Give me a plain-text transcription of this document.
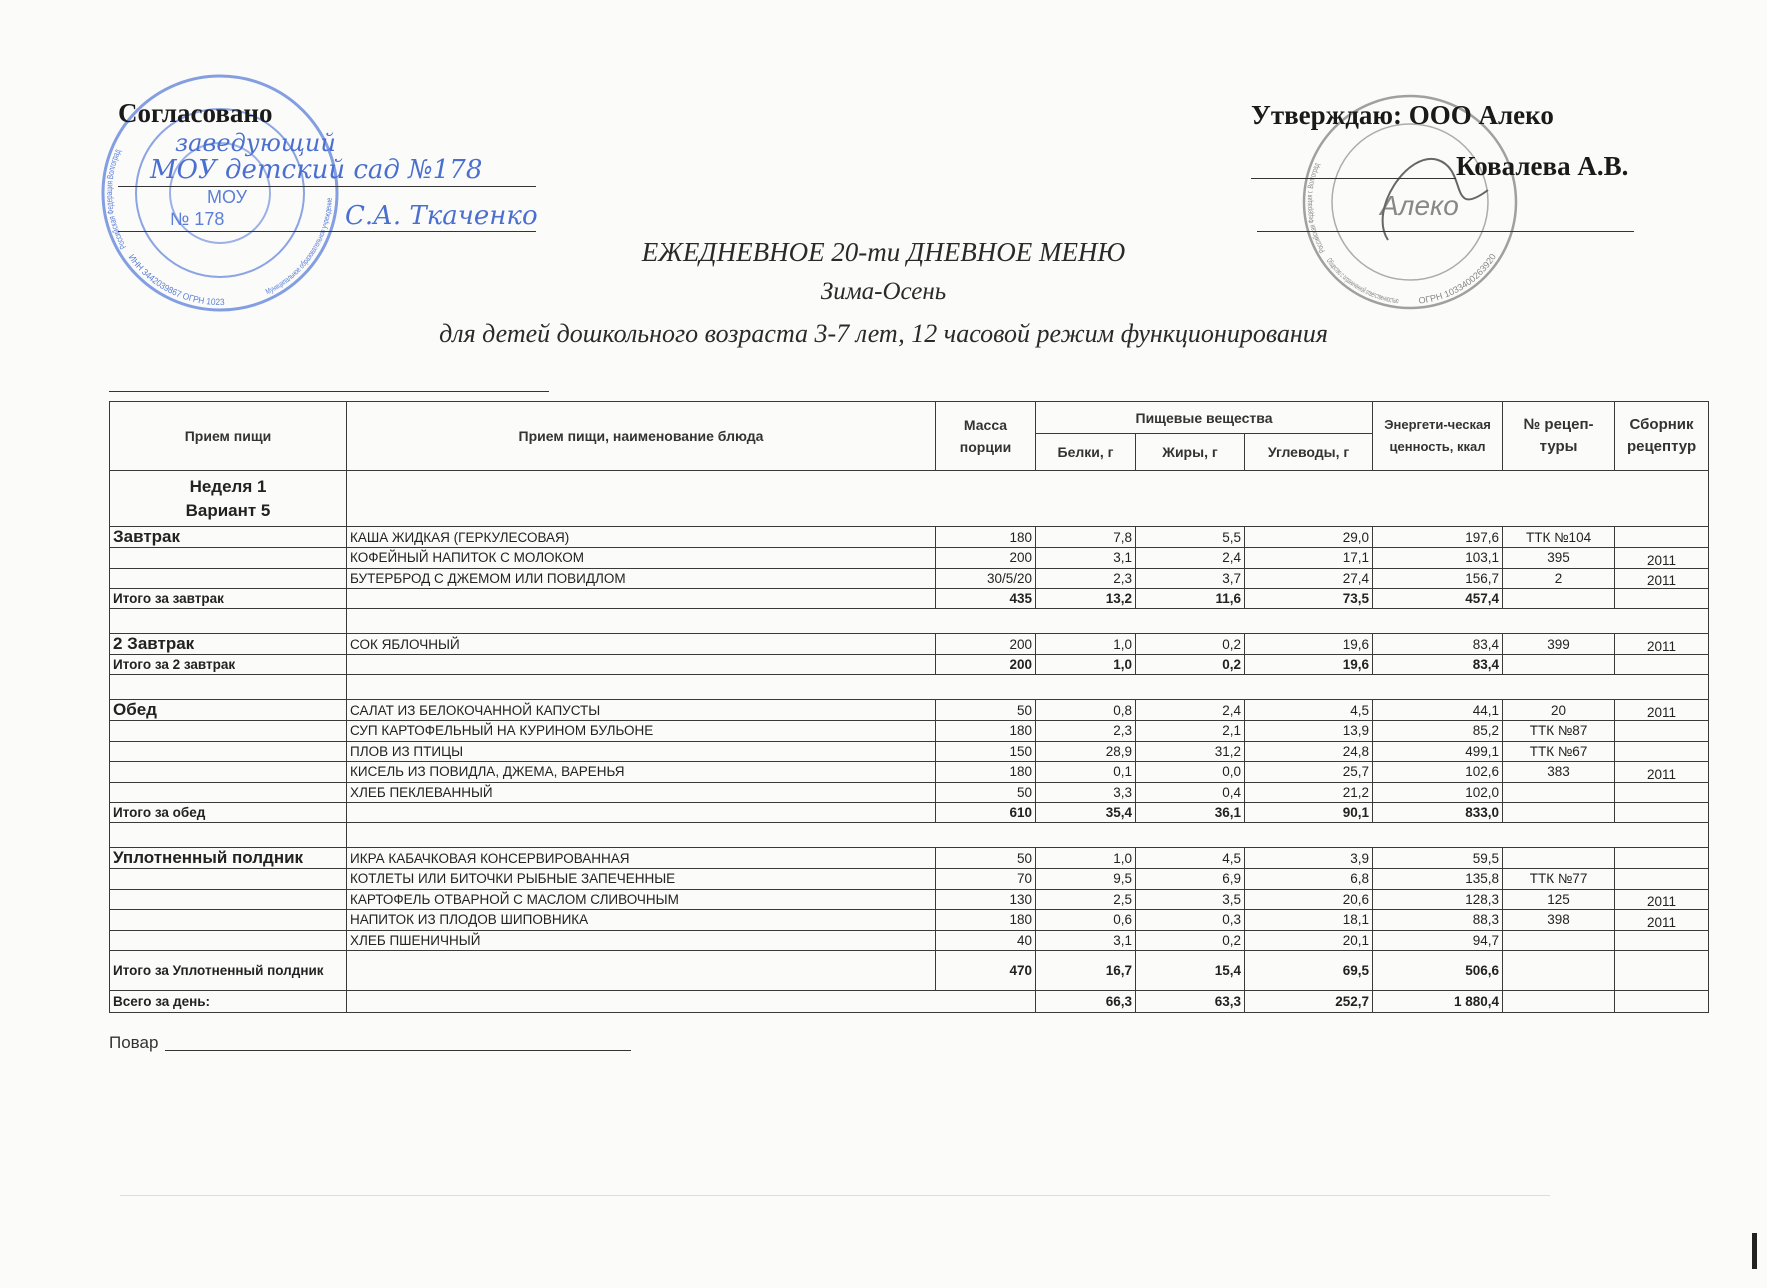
Российская Федерация Волгоград
Муниципальное образовательное учреждение
ИНН 3442039867 ОГРН 1023
МОУ
№ 178
Согласовано
заведующий
МОУ детский сад №178
С.А. Ткаченко
Российская Федерация г. Волгоград
Общество с ограниченной ответственностью ОГРН 1033400263920
Алеко
Утверждаю: ООО Алеко
Ковалева А.В.
ЕЖЕДНЕВНОЕ 20-ти ДНЕВНОЕ МЕНЮ
Зима-Осень
для детей дошкольного возраста 3-7 лет, 12 часовой режим функционирования
Прием пищи	Прием пищи, наименование блюда	Масса порции	Пищевые вещества			Энергети-ческая ценность, ккал	№ рецеп-туры	Сборник рецептур
			Белки, г	Жиры, г	Углеводы, г			
Неделя 1
Вариант 5								
Завтрак	КАША ЖИДКАЯ (ГЕРКУЛЕСОВАЯ)	180	7,8	5,5	29,0	197,6	ТТК №104	
	КОФЕЙНЫЙ НАПИТОК С МОЛОКОМ	200	3,1	2,4	17,1	103,1	395	2011
	БУТЕРБРОД С ДЖЕМОМ ИЛИ ПОВИДЛОМ	30/5/20	2,3	3,7	27,4	156,7	2	2011
Итого за завтрак		435	13,2	11,6	73,5	457,4		

2 Завтрак	СОК ЯБЛОЧНЫЙ	200	1,0	0,2	19,6	83,4	399	2011
Итого за 2 завтрак		200	1,0	0,2	19,6	83,4		

Обед	САЛАТ ИЗ БЕЛОКОЧАННОЙ КАПУСТЫ	50	0,8	2,4	4,5	44,1	20	2011
	СУП КАРТОФЕЛЬНЫЙ НА КУРИНОМ БУЛЬОНЕ	180	2,3	2,1	13,9	85,2	ТТК №87	
	ПЛОВ ИЗ ПТИЦЫ	150	28,9	31,2	24,8	499,1	ТТК №67	
	КИСЕЛЬ ИЗ ПОВИДЛА, ДЖЕМА, ВАРЕНЬЯ	180	0,1	0,0	25,7	102,6	383	2011
	ХЛЕБ ПЕКЛЕВАННЫЙ	50	3,3	0,4	21,2	102,0		
Итого за обед		610	35,4	36,1	90,1	833,0		

Уплотненный полдник	ИКРА КАБАЧКОВАЯ КОНСЕРВИРОВАННАЯ	50	1,0	4,5	3,9	59,5		
	КОТЛЕТЫ ИЛИ БИТОЧКИ РЫБНЫЕ ЗАПЕЧЕННЫЕ	70	9,5	6,9	6,8	135,8	ТТК №77	
	КАРТОФЕЛЬ ОТВАРНОЙ С МАСЛОМ СЛИВОЧНЫМ	130	2,5	3,5	20,6	128,3	125	2011
	НАПИТОК ИЗ ПЛОДОВ ШИПОВНИКА	180	0,6	0,3	18,1	88,3	398	2011
	ХЛЕБ ПШЕНИЧНЫЙ	40	3,1	0,2	20,1	94,7		
Итого за Уплотненный полдник		470	16,7	15,4	69,5	506,6		
Всего за день:			66,3	63,3	252,7	1 880,4		
Повар
